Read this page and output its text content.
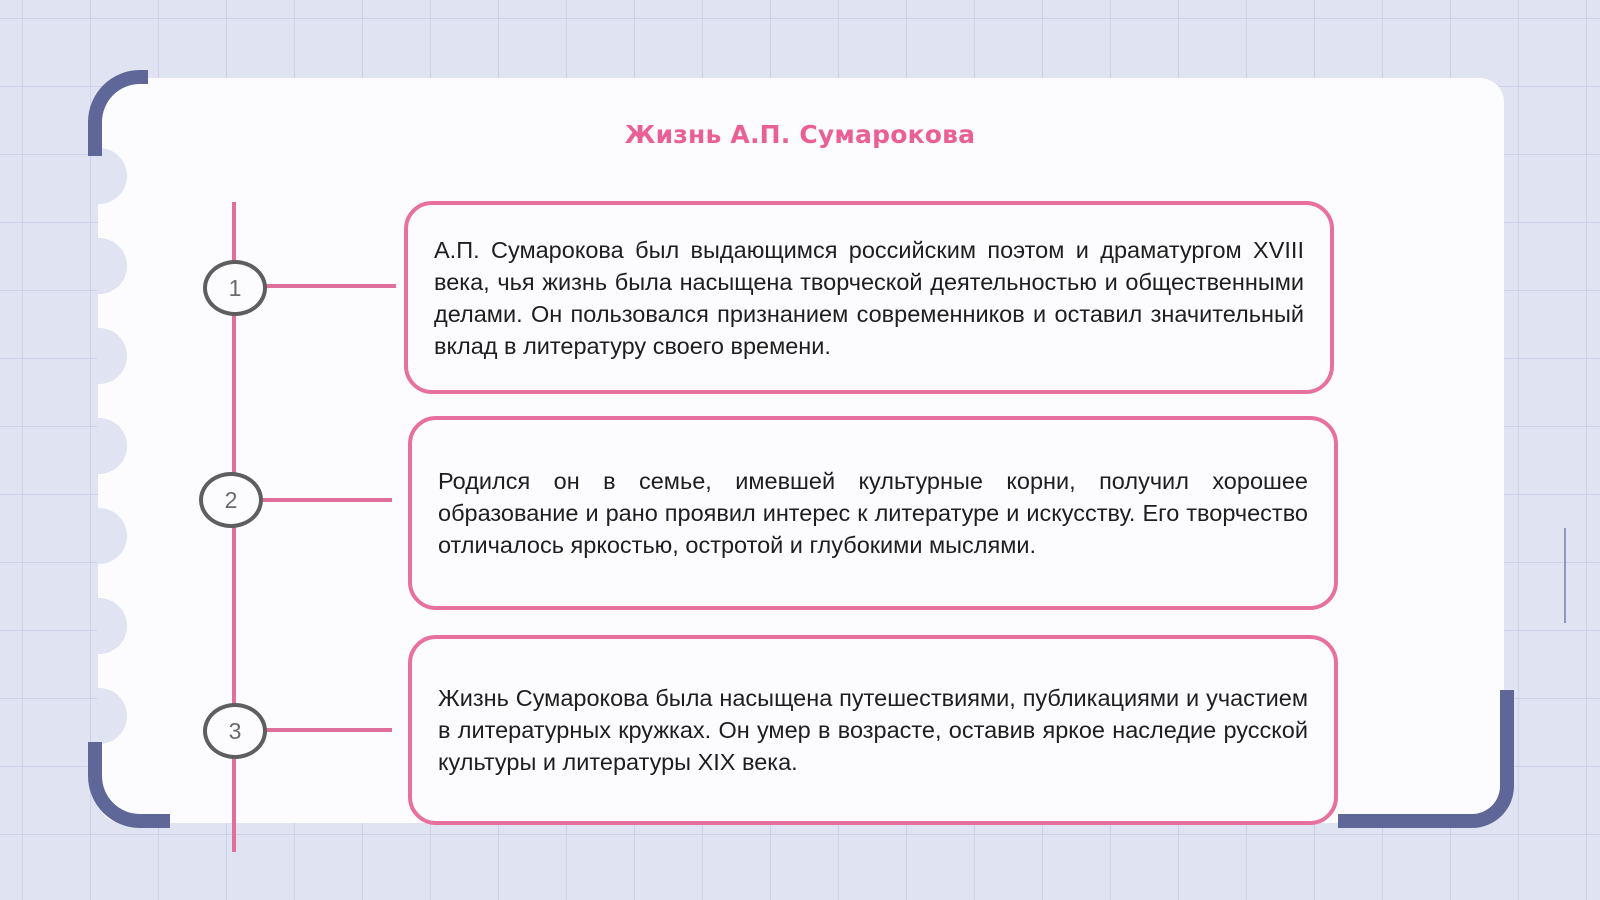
Жизнь А.П. Сумарокова
1
2
3

А.П. Сумарокова был выдающимся российским поэтом и драматургом XVIII века, чья жизнь была насыщена творческой деятельностью и общественными делами. Он пользовался признанием современников и оставил значительный вклад в литературу своего времени.

Родился он в семье, имевшей культурные корни, получил хорошее образование и рано проявил интерес к литературе и искусству. Его творчество отличалось яркостью, остротой и глубокими мыслями.

Жизнь Сумарокова была насыщена путешествиями, публикациями и участием в литературных кружках. Он умер в возрасте, оставив яркое наследие русской культуры и литературы XIX века.
